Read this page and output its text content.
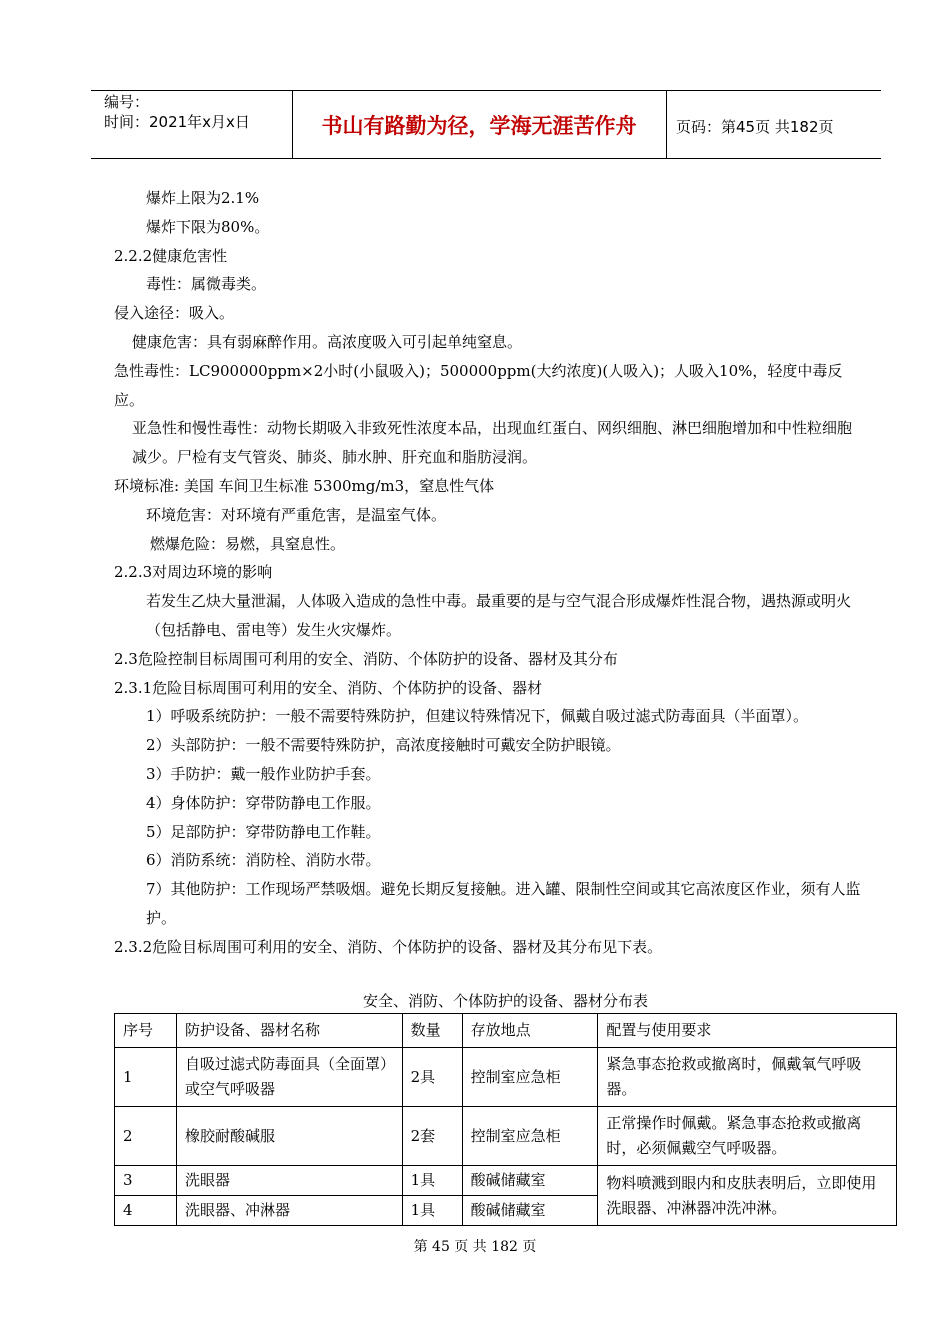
编号：
时间：2021年x月x日	书山有路勤为径，学海无涯苦作舟	页码：第45页 共182页

爆炸上限为2.1%

爆炸下限为80%。

2.2.2健康危害性

毒性：属微毒类。

侵入途径：吸入。

健康危害：具有弱麻醉作用。高浓度吸入可引起单纯窒息。

急性毒性：LC900000ppm×2小时(小鼠吸入)；500000ppm(大约浓度)(人吸入)；人吸入10%，轻度中毒反应。

亚急性和慢性毒性：动物长期吸入非致死性浓度本品，出现血红蛋白、网织细胞、淋巴细胞增加和中性粒细胞减少。尸检有支气管炎、肺炎、肺水肿、肝充血和脂肪浸润。

环境标准: 美国 车间卫生标准 5300mg/m3，窒息性气体

环境危害：对环境有严重危害，是温室气体。

燃爆危险：易燃，具窒息性。

2.2.3对周边环境的影响

若发生乙炔大量泄漏，人体吸入造成的急性中毒。最重要的是与空气混合形成爆炸性混合物，遇热源或明火（包括静电、雷电等）发生火灾爆炸。

2.3危险控制目标周围可利用的安全、消防、个体防护的设备、器材及其分布

2.3.1危险目标周围可利用的安全、消防、个体防护的设备、器材

1）呼吸系统防护：一般不需要特殊防护，但建议特殊情况下，佩戴自吸过滤式防毒面具（半面罩）。

2）头部防护：一般不需要特殊防护，高浓度接触时可戴安全防护眼镜。

3）手防护：戴一般作业防护手套。

4）身体防护：穿带防静电工作服。

5）足部防护：穿带防静电工作鞋。

6）消防系统：消防栓、消防水带。

7）其他防护：工作现场严禁吸烟。避免长期反复接触。进入罐、限制性空间或其它高浓度区作业，须有人监护。

2.3.2危险目标周围可利用的安全、消防、个体防护的设备、器材及其分布见下表。

安全、消防、个体防护的设备、器材分布表
序号	防护设备、器材名称	数量	存放地点	配置与使用要求
1	自吸过滤式防毒面具（全面罩）或空气呼吸器	2具	控制室应急柜	紧急事态抢救或撤离时，佩戴氧气呼吸器。
2	橡胶耐酸碱服	2套	控制室应急柜	正常操作时佩戴。紧急事态抢救或撤离时，必须佩戴空气呼吸器。
3	洗眼器	1具	酸碱储藏室	物料喷溅到眼内和皮肤表明后，立即使用洗眼器、冲淋器冲洗冲淋。
4	洗眼器、冲淋器	1具	酸碱储藏室	
第 45 页 共 182 页
